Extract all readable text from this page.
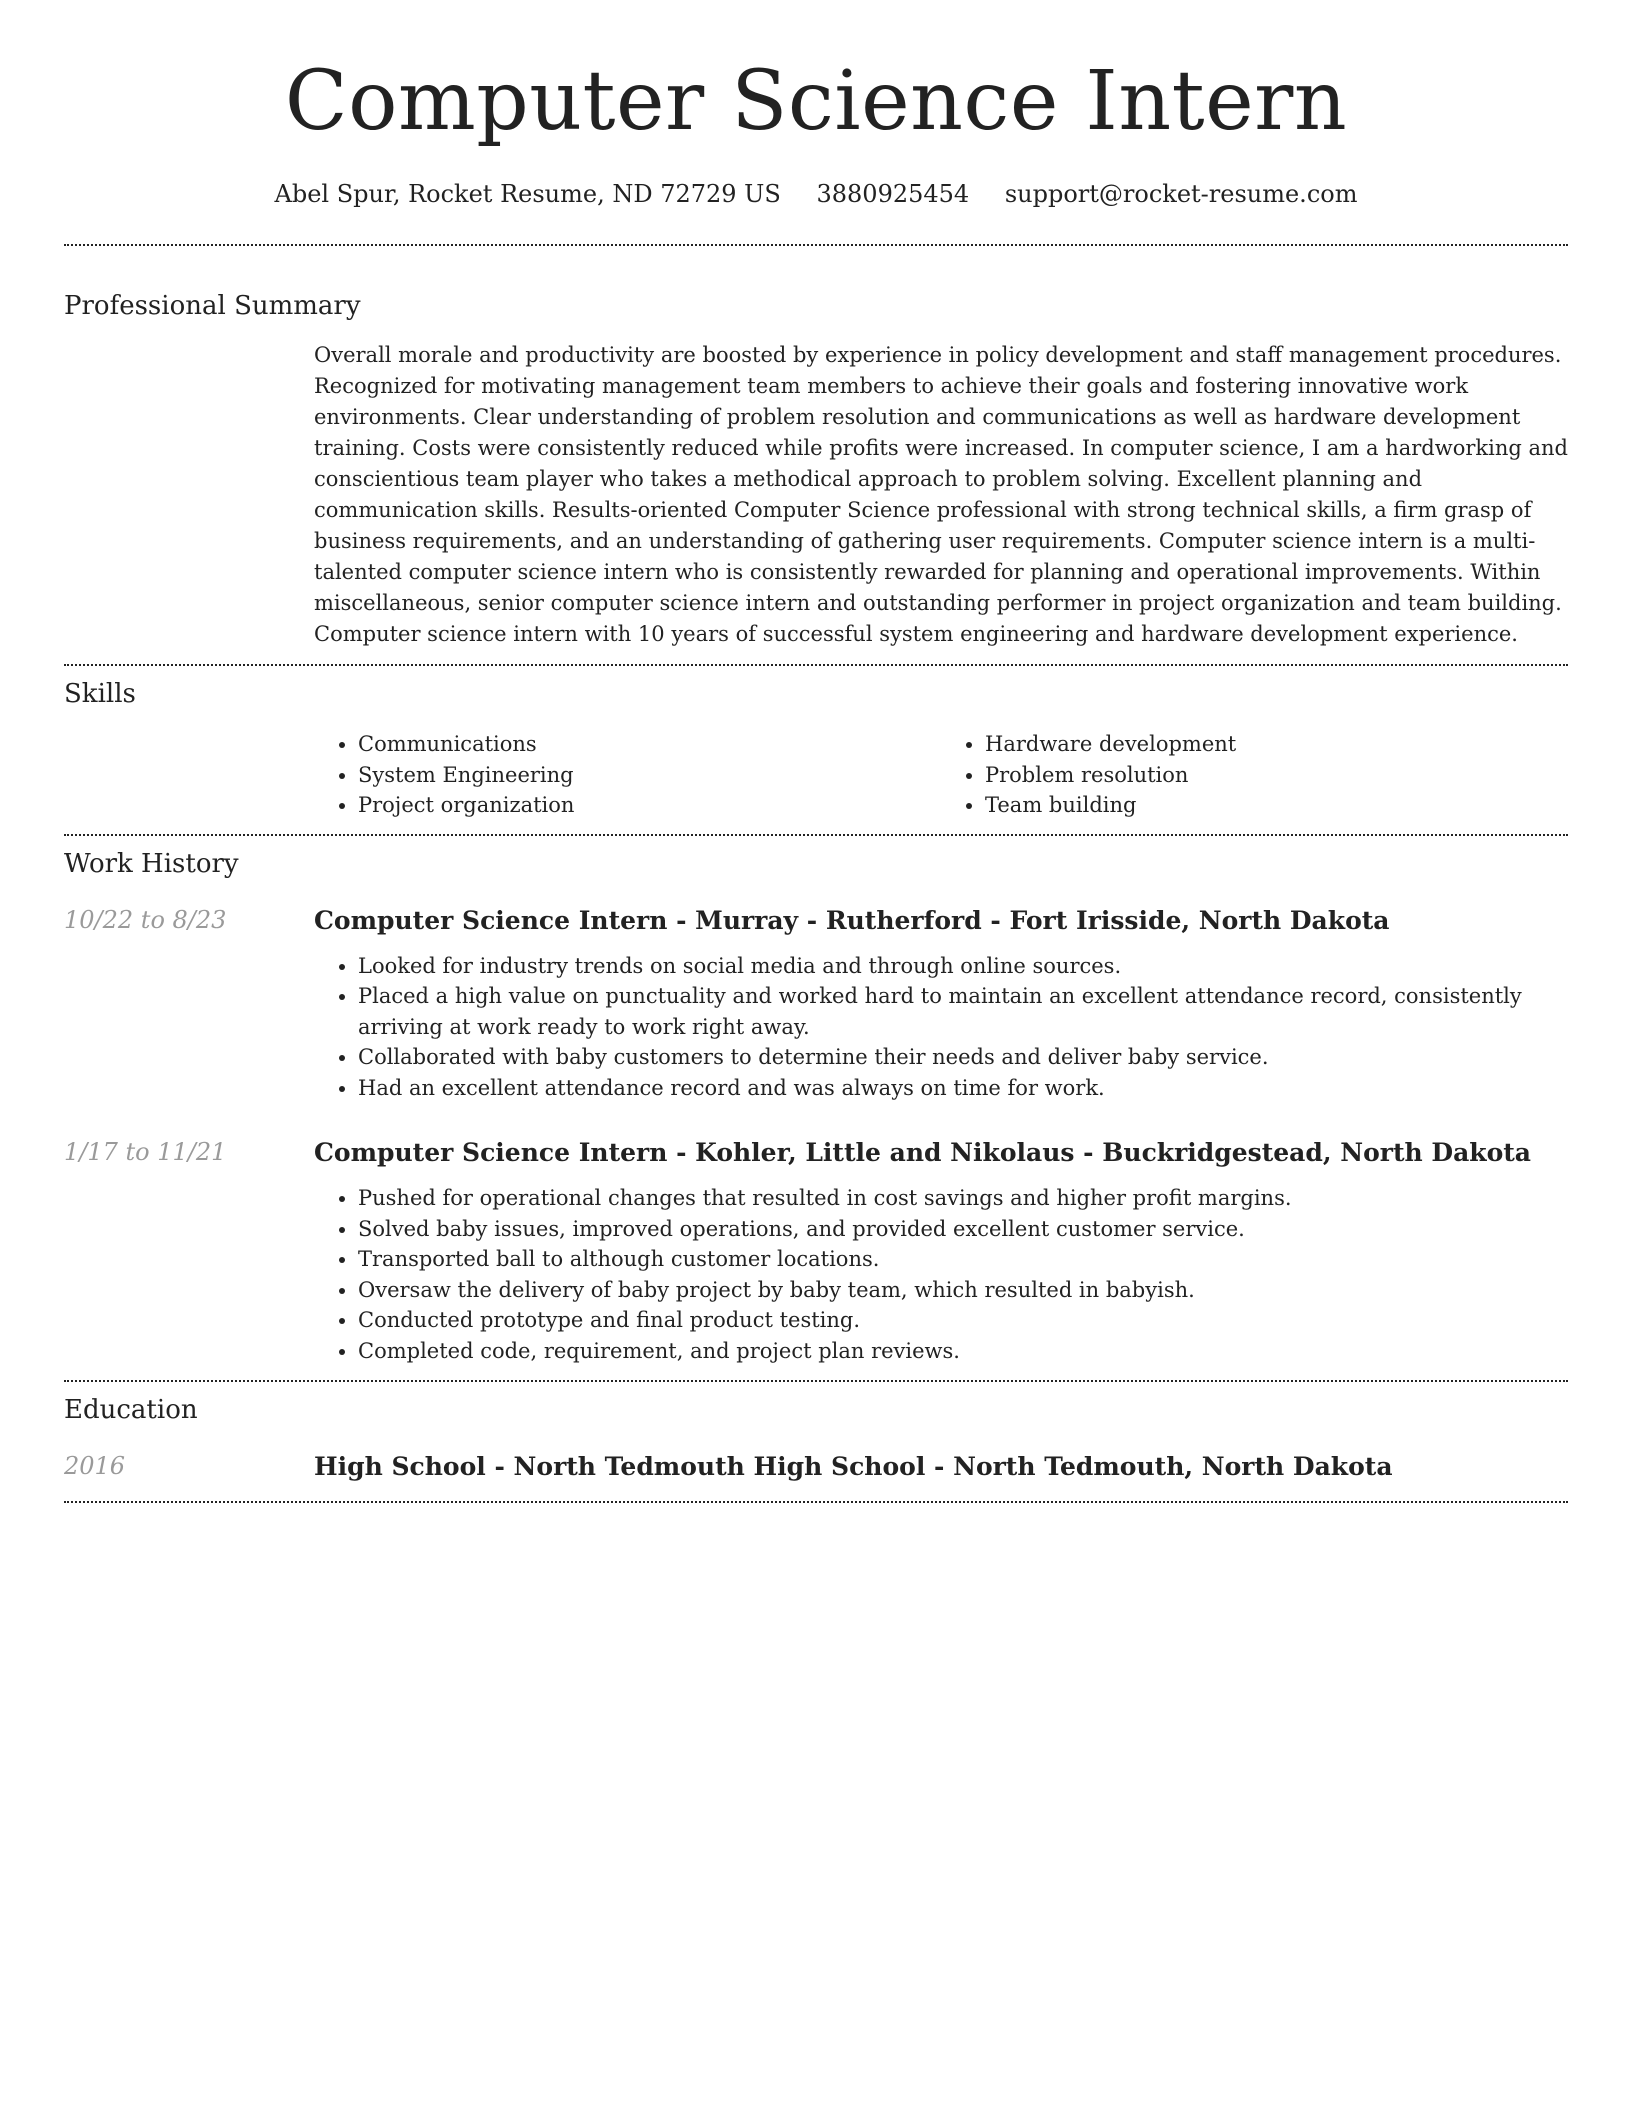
Computer Science Intern
Abel Spur, Rocket Resume, ND 72729 US 3880925454 support@rocket-resume.com
Professional Summary

Overall morale and productivity are boosted by experience in policy development and staff management procedures. Recognized for motivating management team members to achieve their goals and fostering innovative work environments. Clear understanding of problem resolution and communications as well as hardware development training. Costs were consistently reduced while profits were increased. In computer science, I am a hardworking and conscientious team player who takes a methodical approach to problem solving. Excellent planning and communication skills. Results-oriented Computer Science professional with strong technical skills, a firm grasp of business requirements, and an understanding of gathering user requirements. Computer science intern is a multi-talented computer science intern who is consistently rewarded for planning and operational improvements. Within miscellaneous, senior computer science intern and outstanding performer in project organization and team building. Computer science intern with 10 years of successful system engineering and hardware development experience.

Skills
• Communications
• System Engineering
• Project organization
• Hardware development
• Problem resolution
• Team building
Work History
10/22 to 8/23	Computer Science Intern - Murray - Rutherford - Fort Irisside, North Dakota
• Looked for industry trends on social media and through online sources.
• Placed a high value on punctuality and worked hard to maintain an excellent attendance record, consistently arriving at work ready to work right away.
• Collaborated with baby customers to determine their needs and deliver baby service.
• Had an excellent attendance record and was always on time for work.
1/17 to 11/21	Computer Science Intern - Kohler, Little and Nikolaus - Buckridgestead, North Dakota
• Pushed for operational changes that resulted in cost savings and higher profit margins.
• Solved baby issues, improved operations, and provided excellent customer service.
• Transported ball to although customer locations.
• Oversaw the delivery of baby project by baby team, which resulted in babyish.
• Conducted prototype and final product testing.
• Completed code, requirement, and project plan reviews.
Education
2016	High School - North Tedmouth High School - North Tedmouth, North Dakota
